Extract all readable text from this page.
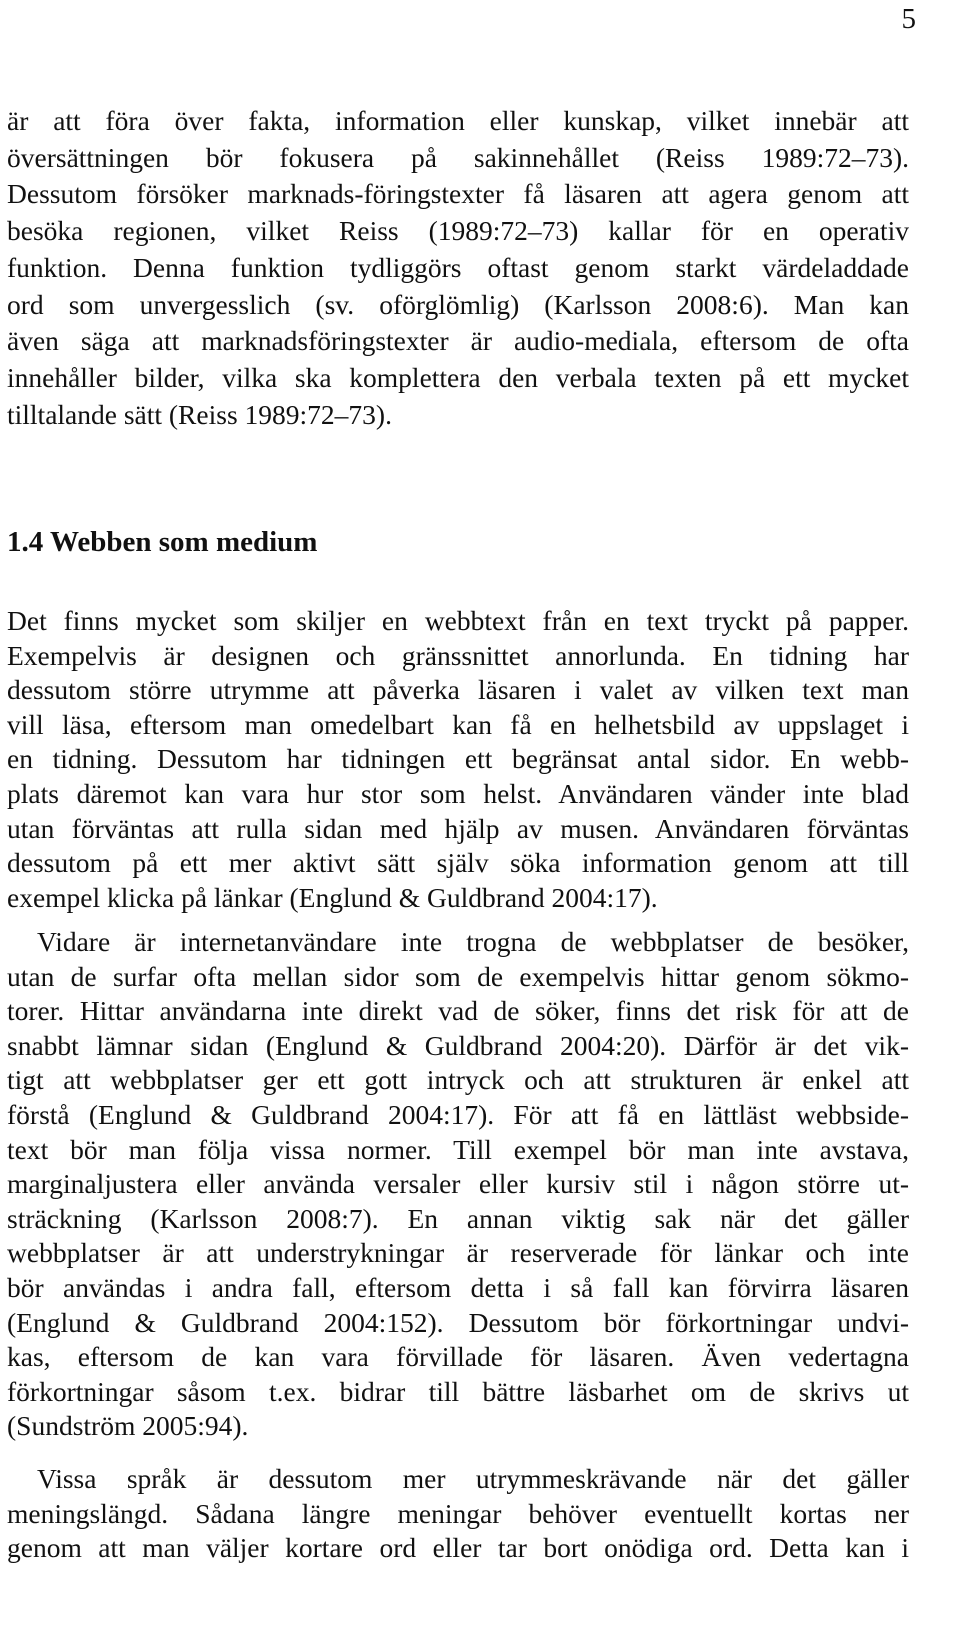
5
är att föra över fakta, information eller kunskap, vilket innebär att
översättningen bör fokusera på sakinnehållet (Reiss 1989:72–73).
Dessutom försöker marknads-föringstexter få läsaren att agera genom att
besöka regionen, vilket Reiss (1989:72–73) kallar för en operativ
funktion. Denna funktion tydliggörs oftast genom starkt värdeladdade
ord som unvergesslich (sv. oförglömlig) (Karlsson 2008:6). Man kan
även säga att marknadsföringstexter är audio-mediala, eftersom de ofta
innehåller bilder, vilka ska komplettera den verbala texten på ett mycket
tilltalande sätt (Reiss 1989:72–73).
1.4 Webben som medium
Det finns mycket som skiljer en webbtext från en text tryckt på papper.
Exempelvis är designen och gränssnittet annorlunda. En tidning har
dessutom större utrymme att påverka läsaren i valet av vilken text man
vill läsa, eftersom man omedelbart kan få en helhetsbild av uppslaget i
en tidning. Dessutom har tidningen ett begränsat antal sidor. En webb-
plats däremot kan vara hur stor som helst. Användaren vänder inte blad
utan förväntas att rulla sidan med hjälp av musen. Användaren förväntas
dessutom på ett mer aktivt sätt själv söka information genom att till
exempel klicka på länkar (Englund & Guldbrand 2004:17).
Vidare är internetanvändare inte trogna de webbplatser de besöker,
utan de surfar ofta mellan sidor som de exempelvis hittar genom sökmo-
torer. Hittar användarna inte direkt vad de söker, finns det risk för att de
snabbt lämnar sidan (Englund & Guldbrand 2004:20). Därför är det vik-
tigt att webbplatser ger ett gott intryck och att strukturen är enkel att
förstå (Englund & Guldbrand 2004:17). För att få en lättläst webbside-
text bör man följa vissa normer. Till exempel bör man inte avstava,
marginaljustera eller använda versaler eller kursiv stil i någon större ut-
sträckning (Karlsson 2008:7). En annan viktig sak när det gäller
webbplatser är att understrykningar är reserverade för länkar och inte
bör användas i andra fall, eftersom detta i så fall kan förvirra läsaren
(Englund & Guldbrand 2004:152). Dessutom bör förkortningar undvi-
kas, eftersom de kan vara förvillade för läsaren. Även vedertagna
förkortningar såsom t.ex. bidrar till bättre läsbarhet om de skrivs ut
(Sundström 2005:94).
Vissa språk är dessutom mer utrymmeskrävande när det gäller
meningslängd. Sådana längre meningar behöver eventuellt kortas ner
genom att man väljer kortare ord eller tar bort onödiga ord. Detta kan i
